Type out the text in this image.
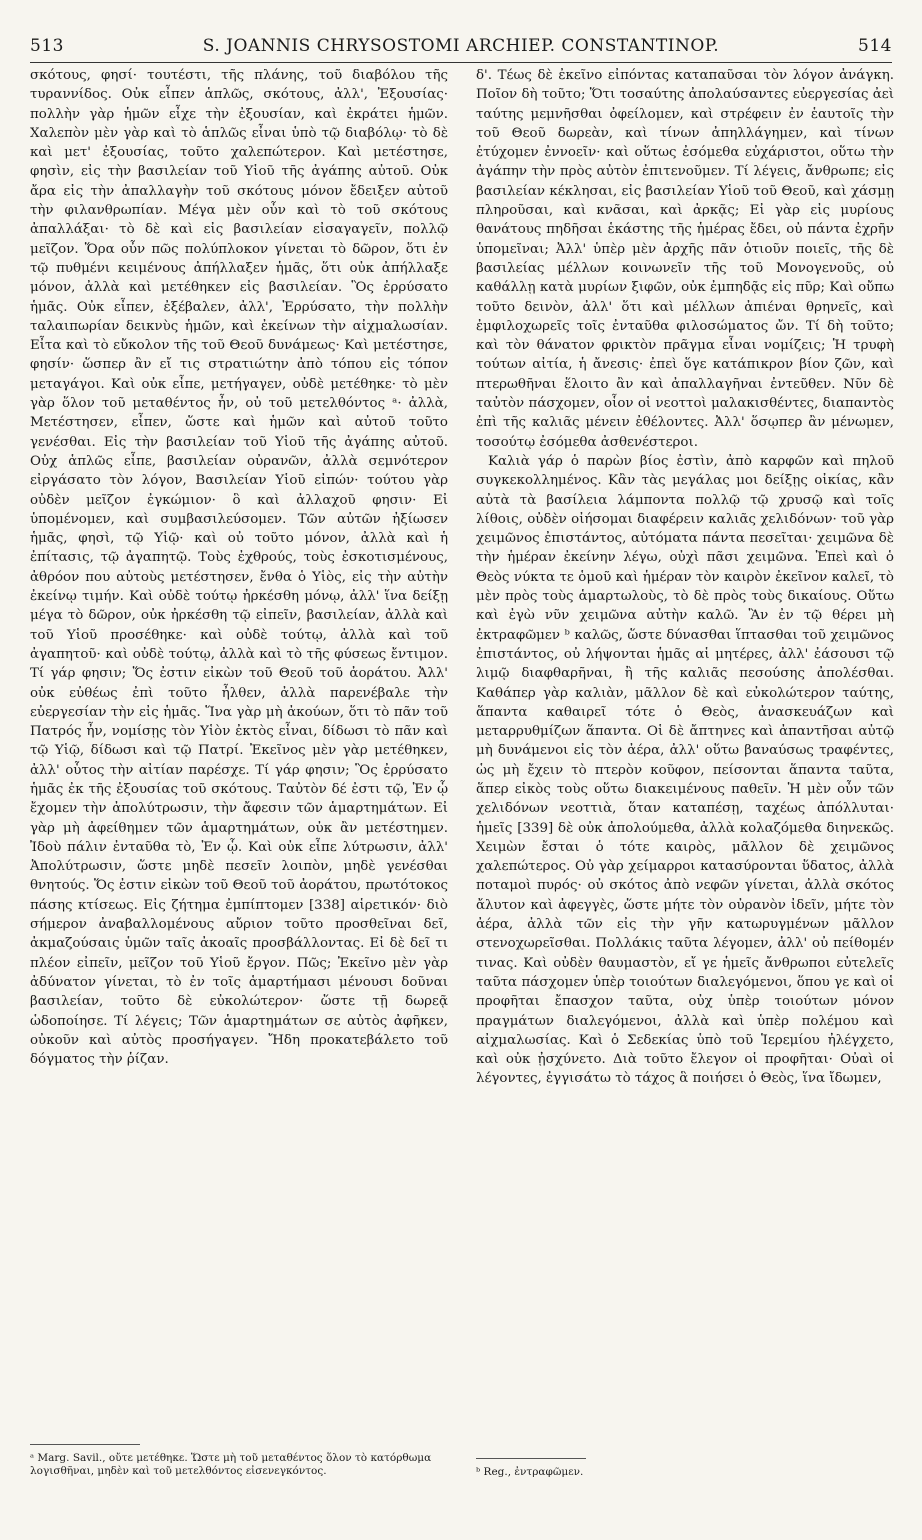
513	S. JOANNIS CHRYSOSTOMI ARCHIEP. CONSTANTINOP.	514

σκότους, φησί· τουτέστι, τῆς πλάνης, τοῦ διαβόλου τῆς τυραννίδος. Οὐκ εἶπεν ἁπλῶς, σκότους, ἀλλ', Ἐξουσίας· πολλὴν γὰρ ἡμῶν εἶχε τὴν ἐξουσίαν, καὶ ἐκράτει ἡμῶν. Χαλεπὸν μὲν γὰρ καὶ τὸ ἁπλῶς εἶναι ὑπὸ τῷ διαβόλῳ· τὸ δὲ καὶ μετ' ἐξουσίας, τοῦτο χαλεπώτερον. Καὶ μετέστησε, φησὶν, εἰς τὴν βασιλείαν τοῦ Υἱοῦ τῆς ἀγάπης αὐτοῦ. Οὐκ ἄρα εἰς τὴν ἀπαλλαγὴν τοῦ σκότους μόνον ἔδειξεν αὐτοῦ τὴν φιλανθρωπίαν. Μέγα μὲν οὖν καὶ τὸ τοῦ σκότους ἀπαλλάξαι· τὸ δὲ καὶ εἰς βασιλείαν εἰσαγαγεῖν, πολλῷ μεῖζον. Ὅρα οὖν πῶς πολύπλοκον γίνεται τὸ δῶρον, ὅτι ἐν τῷ πυθμένι κειμένους ἀπήλλαξεν ἡμᾶς, ὅτι οὐκ ἀπήλλαξε μόνον, ἀλλὰ καὶ μετέθηκεν εἰς βασιλείαν. Ὃς ἐρρύσατο ἡμᾶς. Οὐκ εἶπεν, ἐξέβαλεν, ἀλλ', Ἐρρύσατο, τὴν πολλὴν ταλαιπωρίαν δεικνὺς ἡμῶν, καὶ ἐκείνων τὴν αἰχμαλωσίαν. Εἶτα καὶ τὸ εὔκολον τῆς τοῦ Θεοῦ δυνάμεως· Καὶ μετέστησε, φησίν· ὥσπερ ἂν εἴ τις στρατιώτην ἀπὸ τόπου εἰς τόπον μεταγάγοι. Καὶ οὐκ εἶπε, μετήγαγεν, οὐδὲ μετέθηκε· τὸ μὲν γὰρ ὅλον τοῦ μεταθέντος ἦν, οὐ τοῦ μετελθόντος ᵃ· ἀλλὰ, Μετέστησεν, εἶπεν, ὥστε καὶ ἡμῶν καὶ αὐτοῦ τοῦτο γενέσθαι. Εἰς τὴν βασιλείαν τοῦ Υἱοῦ τῆς ἀγάπης αὐτοῦ. Οὐχ ἁπλῶς εἶπε, βασιλείαν οὐρανῶν, ἀλλὰ σεμνότερον εἰργάσατο τὸν λόγον, Βασιλείαν Υἱοῦ εἰπών· τούτου γὰρ οὐδὲν μεῖζον ἐγκώμιον· ὃ καὶ ἀλλαχοῦ φησιν· Εἰ ὑπομένομεν, καὶ συμβασιλεύσομεν. Τῶν αὐτῶν ἠξίωσεν ἡμᾶς, φησὶ, τῷ Υἱῷ· καὶ οὐ τοῦτο μόνον, ἀλλὰ καὶ ἡ ἐπίτασις, τῷ ἀγαπητῷ. Τοὺς ἐχθρούς, τοὺς ἐσκοτισμένους, ἀθρόον που αὐτοὺς μετέστησεν, ἔνθα ὁ Υἱὸς, εἰς τὴν αὐτὴν ἐκείνῳ τιμήν. Καὶ οὐδὲ τούτῳ ἠρκέσθη μόνῳ, ἀλλ' ἵνα δείξῃ μέγα τὸ δῶρον, οὐκ ἠρκέσθη τῷ εἰπεῖν, βασιλείαν, ἀλλὰ καὶ τοῦ Υἱοῦ προσέθηκε· καὶ οὐδὲ τούτῳ, ἀλλὰ καὶ τοῦ ἀγαπητοῦ· καὶ οὐδὲ τούτῳ, ἀλλὰ καὶ τὸ τῆς φύσεως ἔντιμον. Τί γάρ φησιν; Ὅς ἐστιν εἰκὼν τοῦ Θεοῦ τοῦ ἀοράτου. Ἀλλ' οὐκ εὐθέως ἐπὶ τοῦτο ἦλθεν, ἀλλὰ παρενέβαλε τὴν εὐεργεσίαν τὴν εἰς ἡμᾶς. Ἵνα γὰρ μὴ ἀκούων, ὅτι τὸ πᾶν τοῦ Πατρός ἦν, νομίσῃς τὸν Υἱὸν ἐκτὸς εἶναι, δίδωσι τὸ πᾶν καὶ τῷ Υἱῷ, δίδωσι καὶ τῷ Πατρί. Ἐκεῖνος μὲν γὰρ μετέθηκεν, ἀλλ' οὗτος τὴν αἰτίαν παρέσχε. Τί γάρ φησιν; Ὃς ἐρρύσατο ἡμᾶς ἐκ τῆς ἐξουσίας τοῦ σκότους. Ταὐτὸν δέ ἐστι τῷ, Ἐν ᾧ ἔχομεν τὴν ἀπολύτρωσιν, τὴν ἄφεσιν τῶν ἁμαρτημάτων. Εἰ γὰρ μὴ ἀφείθημεν τῶν ἁμαρτημάτων, οὐκ ἂν μετέστημεν. Ἰδοὺ πάλιν ἐνταῦθα τὸ, Ἐν ᾧ. Καὶ οὐκ εἶπε λύτρωσιν, ἀλλ' Ἀπολύτρωσιν, ὥστε μηδὲ πεσεῖν λοιπὸν, μηδὲ γενέσθαι θνητούς. Ὅς ἐστιν εἰκὼν τοῦ Θεοῦ τοῦ ἀοράτου, πρωτότοκος πάσης κτίσεως. Εἰς ζήτημα ἐμπίπτομεν [338] αἱρετικόν· διὸ σήμερον ἀναβαλλομένους αὔριον τοῦτο προσθεῖναι δεῖ, ἀκμαζούσαις ὑμῶν ταῖς ἀκοαῖς προσβάλλοντας. Εἰ δὲ δεῖ τι πλέον εἰπεῖν, μεῖζον τοῦ Υἱοῦ ἔργον. Πῶς; Ἐκεῖνο μὲν γὰρ ἀδύνατον γίνεται, τὸ ἐν τοῖς ἁμαρτήμασι μένουσι δοῦναι βασιλείαν, τοῦτο δὲ εὐκολώτερον· ὥστε τῇ δωρεᾷ ὡδοποίησε. Τί λέγεις; Τῶν ἁμαρτημάτων σε αὐτὸς ἀφῆκεν, οὐκοῦν καὶ αὐτὸς προσήγαγεν. Ἤδη προκατεβάλετο τοῦ δόγματος τὴν ῥίζαν.

δ'. Τέως δὲ ἐκεῖνο εἰπόντας καταπαῦσαι τὸν λόγον ἀνάγκη. Ποῖον δὴ τοῦτο; Ὅτι τοσαύτης ἀπολαύσαντες εὐεργεσίας ἀεὶ ταύτης μεμνῆσθαι ὀφείλομεν, καὶ στρέφειν ἐν ἑαυτοῖς τὴν τοῦ Θεοῦ δωρεὰν, καὶ τίνων ἀπηλλάγημεν, καὶ τίνων ἐτύχομεν ἐννοεῖν· καὶ οὕτως ἐσόμεθα εὐχάριστοι, οὕτω τὴν ἀγάπην τὴν πρὸς αὐτὸν ἐπιτενοῦμεν. Τί λέγεις, ἄνθρωπε; εἰς βασιλείαν κέκλησαι, εἰς βασιλείαν Υἱοῦ τοῦ Θεοῦ, καὶ χάσμῃ πληροῦσαι, καὶ κνᾶσαι, καὶ ἀρκᾷς; Εἰ γὰρ εἰς μυρίους θανάτους πηδῆσαι ἑκάστης τῆς ἡμέρας ἔδει, οὐ πάντα ἐχρῆν ὑπομεῖναι; Ἀλλ' ὑπὲρ μὲν ἀρχῆς πᾶν ὁτιοῦν ποιεῖς, τῆς δὲ βασιλείας μέλλων κοινωνεῖν τῆς τοῦ Μονογενοῦς, οὐ καθάλλῃ κατὰ μυρίων ξιφῶν, οὐκ ἐμπηδᾷς εἰς πῦρ; Καὶ οὔπω τοῦτο δεινὸν, ἀλλ' ὅτι καὶ μέλλων ἀπιέναι θρηνεῖς, καὶ ἐμφιλοχωρεῖς τοῖς ἐνταῦθα φιλοσώματος ὤν. Τί δὴ τοῦτο; καὶ τὸν θάνατον φρικτὸν πρᾶγμα εἶναι νομίζεις; Ἡ τρυφὴ τούτων αἰτία, ἡ ἄνεσις· ἐπεὶ ὅγε κατάπικρον βίον ζῶν, καὶ πτερωθῆναι ἕλοιτο ἂν καὶ ἀπαλλαγῆναι ἐντεῦθεν. Νῦν δὲ ταὐτὸν πάσχομεν, οἷον οἱ νεοττοὶ μαλακισθέντες, διαπαντὸς ἐπὶ τῆς καλιᾶς μένειν ἐθέλοντες. Ἀλλ' ὅσῳπερ ἂν μένωμεν, τοσούτῳ ἐσόμεθα ἀσθενέστεροι.

Καλιὰ γάρ ὁ παρὼν βίος ἐστὶν, ἀπὸ καρφῶν καὶ πηλοῦ συγκεκολλημένος. Κἂν τὰς μεγάλας μοι δείξῃς οἰκίας, κἂν αὐτὰ τὰ βασίλεια λάμποντα πολλῷ τῷ χρυσῷ καὶ τοῖς λίθοις, οὐδὲν οἰήσομαι διαφέρειν καλιᾶς χελιδόνων· τοῦ γὰρ χειμῶνος ἐπιστάντος, αὐτόματα πάντα πεσεῖται· χειμῶνα δὲ τὴν ἡμέραν ἐκείνην λέγω, οὐχὶ πᾶσι χειμῶνα. Ἐπεὶ καὶ ὁ Θεὸς νύκτα τε ὁμοῦ καὶ ἡμέραν τὸν καιρὸν ἐκεῖνον καλεῖ, τὸ μὲν πρὸς τοὺς ἁμαρτωλοὺς, τὸ δὲ πρὸς τοὺς δικαίους. Οὕτω καὶ ἐγὼ νῦν χειμῶνα αὐτὴν καλῶ. Ἂν ἐν τῷ θέρει μὴ ἐκτραφῶμεν ᵇ καλῶς, ὥστε δύνασθαι ἵπτασθαι τοῦ χειμῶνος ἐπιστάντος, οὐ λήψονται ἡμᾶς αἱ μητέρες, ἀλλ' ἐάσουσι τῷ λιμῷ διαφθαρῆναι, ἢ τῆς καλιᾶς πεσούσης ἀπολέσθαι. Καθάπερ γὰρ καλιὰν, μᾶλλον δὲ καὶ εὐκολώτερον ταύτης, ἅπαντα καθαιρεῖ τότε ὁ Θεὸς, ἀνασκευάζων καὶ μεταρρυθμίζων ἅπαντα. Οἱ δὲ ἄπτηνες καὶ ἀπαντῆσαι αὐτῷ μὴ δυνάμενοι εἰς τὸν ἀέρα, ἀλλ' οὕτω βαναύσως τραφέντες, ὡς μὴ ἔχειν τὸ πτερὸν κοῦφον, πείσονται ἅπαντα ταῦτα, ἅπερ εἰκὸς τοὺς οὕτω διακειμένους παθεῖν. Ἡ μὲν οὖν τῶν χελιδόνων νεοττιὰ, ὅταν καταπέσῃ, ταχέως ἀπόλλυται· ἡμεῖς [339] δὲ οὐκ ἀπολούμεθα, ἀλλὰ κολαζόμεθα διηνεκῶς. Χειμὼν ἔσται ὁ τότε καιρὸς, μᾶλλον δὲ χειμῶνος χαλεπώτερος. Οὐ γὰρ χείμαρροι κατασύρονται ὕδατος, ἀλλὰ ποταμοὶ πυρός· οὐ σκότος ἀπὸ νεφῶν γίνεται, ἀλλὰ σκότος ἄλυτον καὶ ἀφεγγὲς, ὥστε μήτε τὸν οὐρανὸν ἰδεῖν, μήτε τὸν ἀέρα, ἀλλὰ τῶν εἰς τὴν γῆν κατωρυγμένων μᾶλλον στενοχωρεῖσθαι. Πολλάκις ταῦτα λέγομεν, ἀλλ' οὐ πείθομέν τινας. Καὶ οὐδὲν θαυμαστὸν, εἴ γε ἡμεῖς ἄνθρωποι εὐτελεῖς ταῦτα πάσχομεν ὑπὲρ τοιούτων διαλεγόμενοι, ὅπου γε καὶ οἱ προφῆται ἔπασχον ταῦτα, οὐχ ὑπὲρ τοιούτων μόνον πραγμάτων διαλεγόμενοι, ἀλλὰ καὶ ὑπὲρ πολέμου καὶ αἰχμαλωσίας. Καὶ ὁ Σεδεκίας ὑπὸ τοῦ Ἱερεμίου ἠλέγχετο, καὶ οὐκ ᾐσχύνετο. Διὰ τοῦτο ἔλεγον οἱ προφῆται· Οὐαὶ οἱ λέγοντες, ἐγγισάτω τὸ τάχος ἃ ποιήσει ὁ Θεὸς, ἵνα ἴδωμεν,

ᵃ Marg. Savil., οὔτε μετέθηκε. Ὥστε μὴ τοῦ μεταθέντος ὅλον τὸ κατόρθωμα λογισθῆναι, μηδὲν καὶ τοῦ μετελθόντος εἰσενεγκόντος.	ᵇ Reg., ἐντραφῶμεν.
